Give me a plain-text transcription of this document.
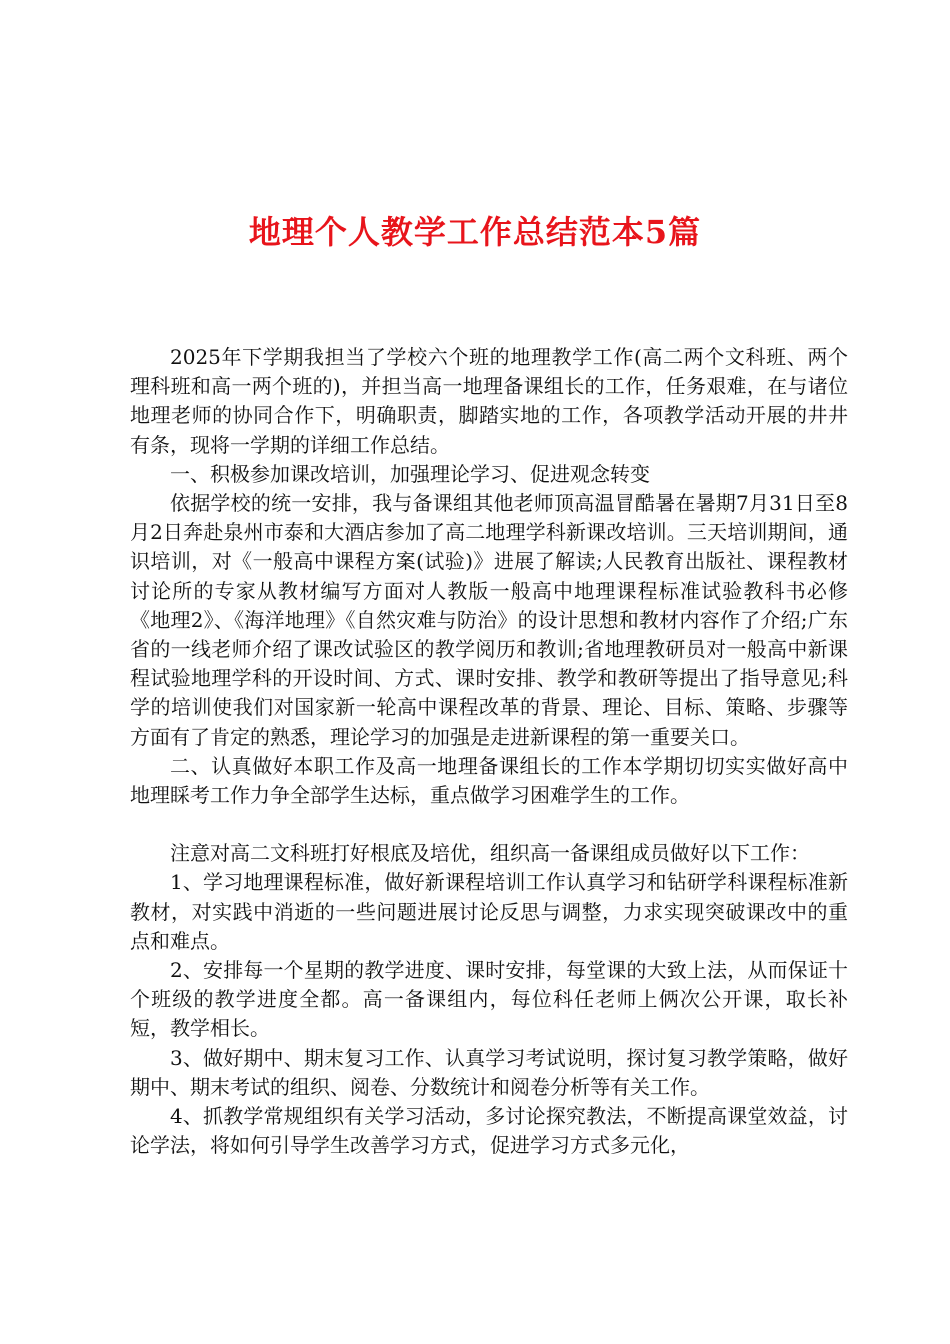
地理个人教学工作总结范本5篇

2025年下学期我担当了学校六个班的地理教学工作(高二两个文科班、两个理科班和高一两个班的)，并担当高一地理备课组长的工作，任务艰难，在与诸位地理老师的协同合作下，明确职责，脚踏实地的工作，各项教学活动开展的井井有条，现将一学期的详细工作总结。

一、积极参加课改培训，加强理论学习、促进观念转变

依据学校的统一安排，我与备课组其他老师顶高温冒酷暑在暑期7月31日至8月2日奔赴泉州市泰和大酒店参加了高二地理学科新课改培训。三天培训期间，通识培训，对《一般高中课程方案(试验)》进展了解读;人民教育出版社、课程教材讨论所的专家从教材编写方面对人教版一般高中地理课程标准试验教科书必修《地理2》、《海洋地理》《自然灾难与防治》的设计思想和教材内容作了介绍;广东省的一线老师介绍了课改试验区的教学阅历和教训;省地理教研员对一般高中新课程试验地理学科的开设时间、方式、课时安排、教学和教研等提出了指导意见;科学的培训使我们对国家新一轮高中课程改革的背景、理论、目标、策略、步骤等方面有了肯定的熟悉，理论学习的加强是走进新课程的第一重要关口。

二、认真做好本职工作及高一地理备课组长的工作本学期切切实实做好高中地理睬考工作力争全部学生达标，重点做学习困难学生的工作。

注意对高二文科班打好根底及培优，组织高一备课组成员做好以下工作：

1、学习地理课程标准，做好新课程培训工作认真学习和钻研学科课程标准新教材，对实践中消逝的一些问题进展讨论反思与调整，力求实现突破课改中的重点和难点。

2、安排每一个星期的教学进度、课时安排，每堂课的大致上法，从而保证十个班级的教学进度全都。高一备课组内，每位科任老师上俩次公开课，取长补短，教学相长。

3、做好期中、期末复习工作、认真学习考试说明，探讨复习教学策略，做好期中、期末考试的组织、阅卷、分数统计和阅卷分析等有关工作。

4、抓教学常规组织有关学习活动，多讨论探究教法，不断提高课堂效益，讨论学法，将如何引导学生改善学习方式，促进学习方式多元化，
